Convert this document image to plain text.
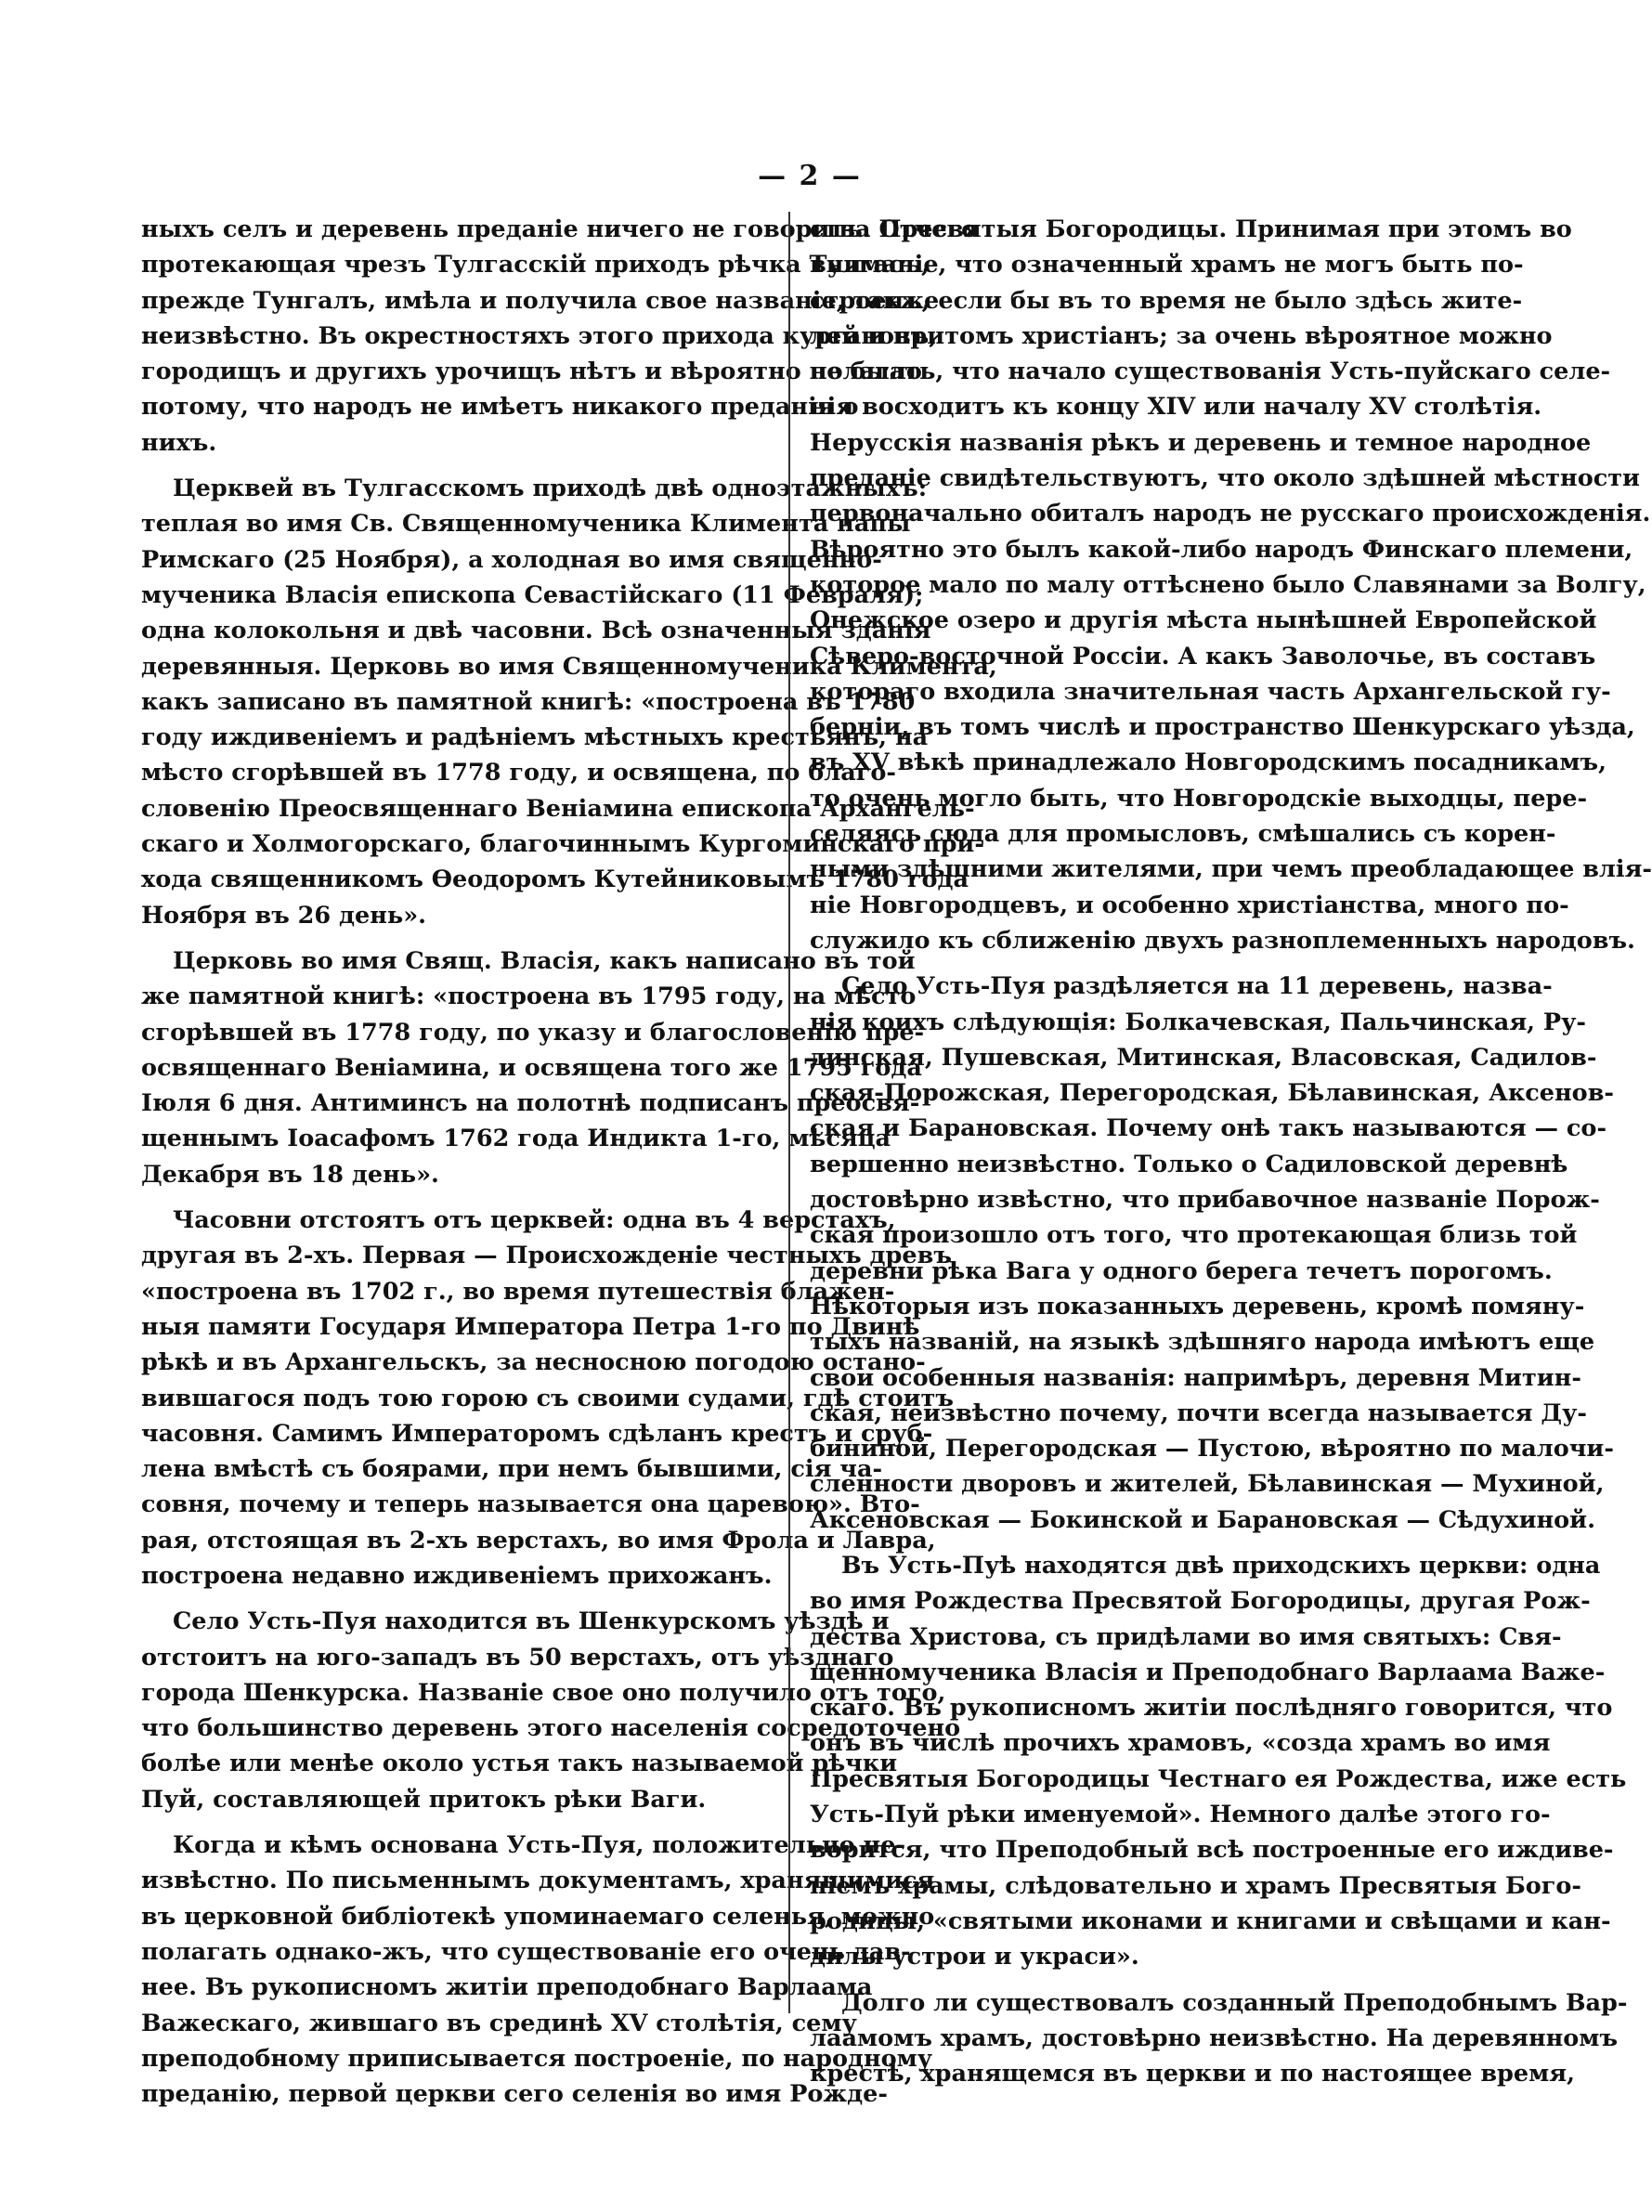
— 2 —
ныхъ селъ и деревень преданіе ничего не говоритъ. Отчего
протекающая чрезъ Тулгасскій приходъ рѣчка Тулгасъ,
прежде Тунгалъ, имѣла и получила свое названіе, также
неизвѣстно. Въ окрестностяхъ этого прихода кургановъ,
городищъ и другихъ урочищъ нѣтъ и вѣроятно не было
потому, что народъ не имѣетъ никакого преданія о
нихъ.
Церквей въ Тулгасскомъ приходѣ двѣ одноэтажныхъ:
теплая во имя Св. Священномученика Климента папы
Римскаго (25 Ноября), а холодная во имя священно-
мученика Власія епископа Севастійскаго (11 Февраля);
одна колокольня и двѣ часовни. Всѣ означенныя зданія
деревянныя. Церковь во имя Священномученика Климента,
какъ записано въ памятной книгѣ: «построена въ 1780
году иждивеніемъ и радѣніемъ мѣстныхъ крестьянъ, на
мѣсто сгорѣвшей въ 1778 году, и освящена, по благо-
словенію Преосвященнаго Веніамина епископа Архангель-
скаго и Холмогорскаго, благочиннымъ Кургоминскаго при-
хода священникомъ Ѳеодоромъ Кутейниковымъ 1780 года
Ноября въ 26 день».
Церковь во имя Свящ. Власія, какъ написано въ той
же памятной книгѣ: «построена въ 1795 году, на мѣсто
сгорѣвшей въ 1778 году, по указу и благословенію пре-
освященнаго Веніамина, и освящена того же 1795 года
Іюля 6 дня. Антиминсъ на полотнѣ подписанъ преосвя-
щеннымъ Іоасафомъ 1762 года Индикта 1-го, мѣсяца
Декабря въ 18 день».
Часовни отстоятъ отъ церквей: одна въ 4 верстахъ,
другая въ 2-хъ. Первая — Происхожденіе честныхъ древъ
«построена въ 1702 г., во время путешествія блажен-
ныя памяти Государя Императора Петра 1-го по Двинѣ
рѣкѣ и въ Архангельскъ, за несносною погодою остано-
вившагося подъ тою горою съ своими судами, гдѣ стоитъ
часовня. Самимъ Императоромъ сдѣланъ крестъ и сруб-
лена вмѣстѣ съ боярами, при немъ бывшими, сія ча-
совня, почему и теперь называется она царевою». Вто-
рая, отстоящая въ 2-хъ верстахъ, во имя Фрола и Лавра,
построена недавно иждивеніемъ прихожанъ.
Село Усть-Пуя находится въ Шенкурскомъ уѣздѣ и
отстоитъ на юго-западъ въ 50 верстахъ, отъ уѣзднаго
города Шенкурска. Названіе свое оно получило отъ того,
что большинство деревень этого населенія сосредоточено
болѣе или менѣе около устья такъ называемой рѣчки
Пуй, составляющей притокъ рѣки Ваги.
Когда и кѣмъ основана Усть-Пуя, положительно не-
извѣстно. По письменнымъ документамъ, хранящимися
въ церковной библіотекѣ упоминаемаго селенья, можно
полагать однако-жъ, что существованіе его очень дав-
нее. Въ рукописномъ житіи преподобнаго Варлаама
Важескаго, жившаго въ срединѣ XV столѣтія, сему
преподобному приписывается построеніе, по народному
преданію, первой церкви сего селенія во имя Рожде-
ства Пресвятыя Богородицы. Принимая при этомъ во
вниманіе, что означенный храмъ не могъ быть по-
строенъ, если бы въ то время не было здѣсь жите-
лей и притомъ христіанъ; за очень вѣроятное можно
полагать, что начало существованія Усть-пуйскаго селе-
нія восходитъ къ концу XIV или началу XV столѣтія.
Нерусскія названія рѣкъ и деревень и темное народное
преданіе свидѣтельствуютъ, что около здѣшней мѣстности
первоначально обиталъ народъ не русскаго происхожденія.
Вѣроятно это былъ какой-либо народъ Финскаго племени,
которое мало по малу оттѣснено было Славянами за Волгу,
Онежское озеро и другія мѣста нынѣшней Европейской
Сѣверо-восточной Россіи. А какъ Заволочье, въ составъ
котораго входила значительная часть Архангельской гу-
берніи, въ томъ числѣ и пространство Шенкурскаго уѣзда,
въ XV вѣкѣ принадлежало Новгородскимъ посадникамъ,
то очень могло быть, что Новгородскіе выходцы, пере-
селяясь сюда для промысловъ, смѣшались съ корен-
ными здѣшними жителями, при чемъ преобладающее влія-
ніе Новгородцевъ, и особенно христіанства, много по-
служило къ сближенію двухъ разноплеменныхъ народовъ.
Село Усть-Пуя раздѣляется на 11 деревень, назва-
нія коихъ слѣдующія: Болкачевская, Пальчинская, Ру-
динская, Пушевская, Митинская, Власовская, Садилов-
ская-Порожская, Перегородская, Бѣлавинская, Аксенов-
ская и Барановская. Почему онѣ такъ называются — со-
вершенно неизвѣстно. Только о Садиловской деревнѣ
достовѣрно извѣстно, что прибавочное названіе Порож-
ская произошло отъ того, что протекающая близь той
деревни рѣка Вага у одного берега течетъ порогомъ.
Нѣкоторыя изъ показанныхъ деревень, кромѣ помяну-
тыхъ названій, на языкѣ здѣшняго народа имѣютъ еще
свои особенныя названія: напримѣръ, деревня Митин-
ская, неизвѣстно почему, почти всегда называется Ду-
бининой, Перегородская — Пустою, вѣроятно по малочи-
сленности дворовъ и жителей, Бѣлавинская — Мухиной,
Аксеновская — Бокинской и Барановская — Сѣдухиной.
Въ Усть-Пуѣ находятся двѣ приходскихъ церкви: одна
во имя Рождества Пресвятой Богородицы, другая Рож-
дества Христова, съ придѣлами во имя святыхъ: Свя-
щенномученика Власія и Преподобнаго Варлаама Важе-
скаго. Въ рукописномъ житіи послѣдняго говорится, что
онъ въ числѣ прочихъ храмовъ, «созда храмъ во имя
Пресвятыя Богородицы Честнаго ея Рождества, иже есть
Усть-Пуй рѣки именуемой». Немного далѣе этого го-
ворится, что Преподобный всѣ построенные его иждиве-
ніемъ храмы, слѣдовательно и храмъ Пресвятыя Бого-
родицы, «святыми иконами и книгами и свѣщами и кан-
дилы устрои и украси».
Долго ли существовалъ созданный Преподобнымъ Вар-
лаамомъ храмъ, достовѣрно неизвѣстно. На деревянномъ
крестѣ, хранящемся въ церкви и по настоящее время,
